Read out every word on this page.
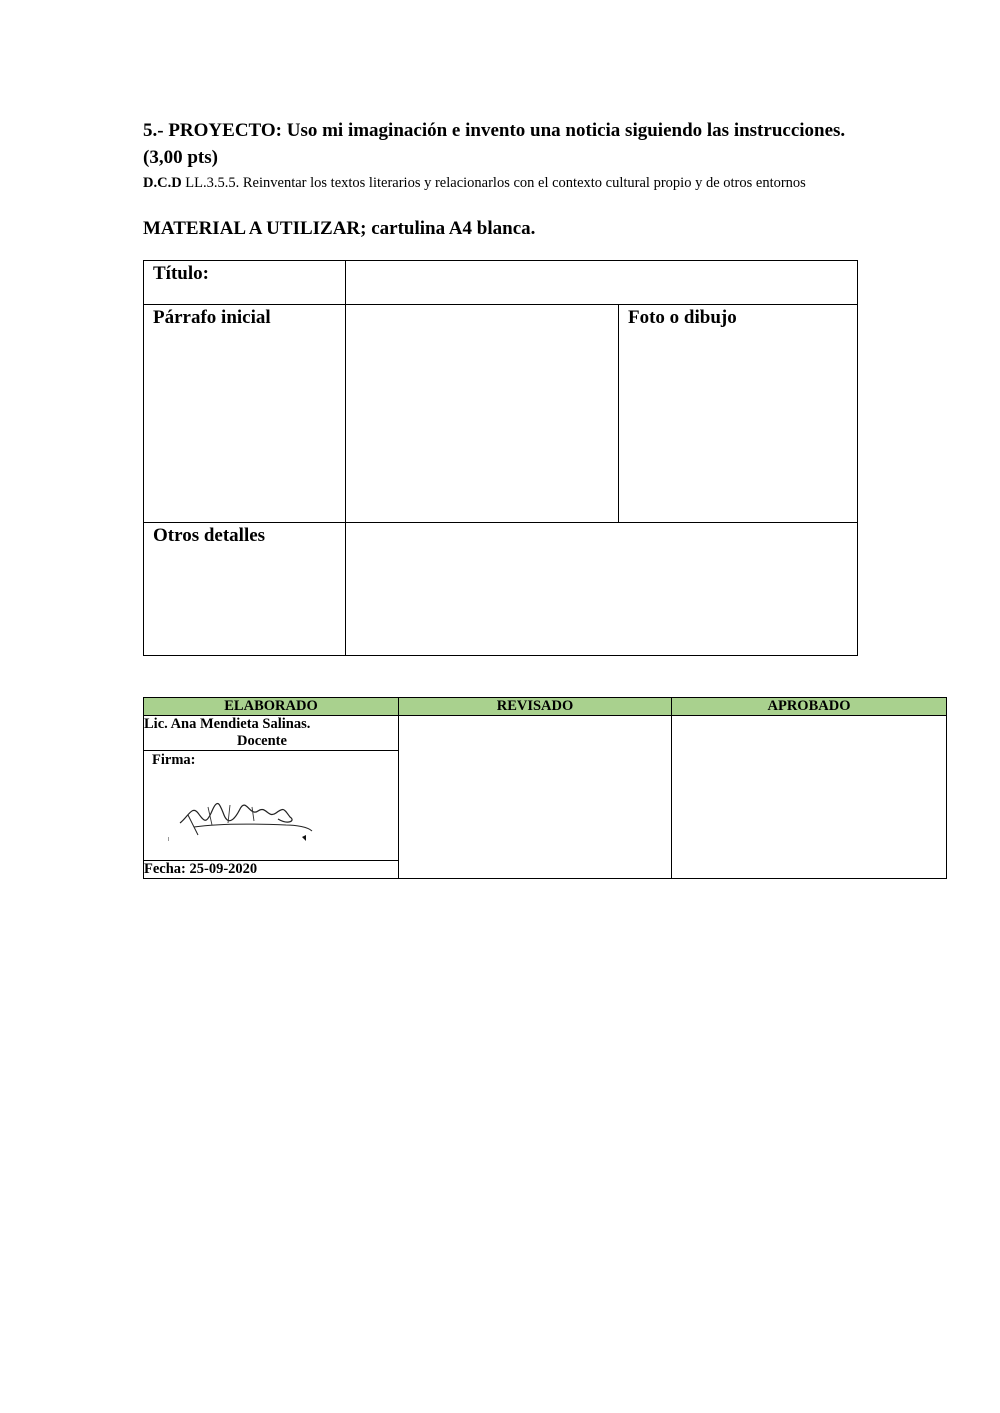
5.- PROYECTO: Uso mi imaginación e invento una noticia siguiendo las instrucciones. (3,00 pts)
D.C.D LL.3.5.5. Reinventar los textos literarios y relacionarlos con el contexto cultural propio y de otros entornos
MATERIAL A UTILIZAR; cartulina A4 blanca.
Título:		

Párrafo inicial		Foto o dibujo

Otros detalles		

ELABORADO	REVISADO	APROBADO

Lic. Ana Mendieta Salinas.
Docente		

Firma:		

Fecha: 25-09-2020		
